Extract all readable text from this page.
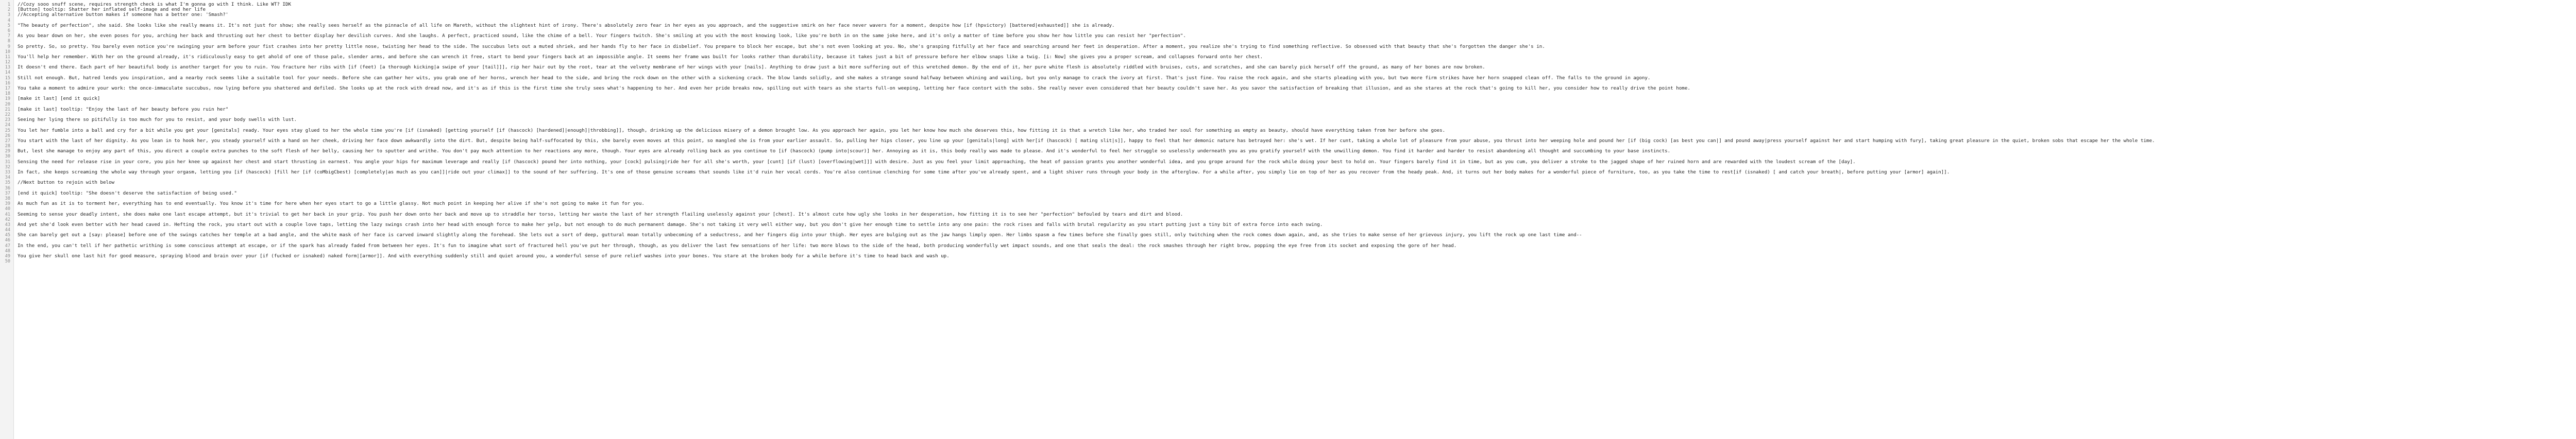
1 //Cozy sooo snuff scene, requires strength check is what I'm gonna go with I think. Like WT? IDK
2 [Button] tooltip: Shatter her inflated self-image and end her life
3 //Accepting alternative button makes if someone has a better one: 'Smash?'
4
5 "The beauty of perfection", she said. She looks like she really means it. It's not just for show; she really sees herself as the pinnacle of all life on Mareth, without the slightest hint of irony. There's absolutely zero fear in her eyes as you approach, and the suggestive smirk on her face never wavers for a moment, despite how [if (hpvictory) [battered|exhausted]] she is already.
6
7 As you bear down on her, she even poses for you, arching her back and thrusting out her chest to better display her devilish curves. And she laughs. A perfect, practiced sound, like the chime of a bell. Your fingers twitch. She's smiling at you with the most knowing look, like you're both in on the same joke here, and it's only a matter of time before you show her how little you can resist her "perfection".
8
9 So pretty. So, so pretty. You barely even notice you're swinging your arm before your fist crashes into her pretty little nose, twisting her head to the side. The succubus lets out a muted shriek, and her hands fly to her face in disbelief. You prepare to block her escape, but she's not even looking at you. No, she's grasping fitfully at her face and searching around her feet in desperation. After a moment, you realize she's trying to find something reflective. So obsessed with that beauty that she's forgotten the danger she's in.
10
11 You'll help her remember. With her on the ground already, it's ridiculously easy to get ahold of one of those pale, slender arms, and before she can wrench it free, start to bend your fingers back at an impossible angle. It seems her frame was built for looks rather than durability, because it takes just a bit of pressure before her elbow snaps like a twig. [i: Now] she gives you a proper scream, and collapses forward onto her chest.
12
13 It doesn't end there. Each part of her beautiful body is another target for you to ruin. You fracture her ribs with [if (feet) [a thorough kicking|a swipe of your [tail]]], rip her hair out by the root, tear at the velvety membrane of her wings with your [nails]. Anything to draw just a bit more suffering out of this wretched demon. By the end of it, her pure white flesh is absolutely riddled with bruises, cuts, and scratches, and she can barely pick herself off the ground, as many of her bones are now broken.
14
15 Still not enough. But, hatred lends you inspiration, and a nearby rock seems like a suitable tool for your needs. Before she can gather her wits, you grab one of her horns, wrench her head to the side, and bring the rock down on the other with a sickening crack. The blow lands solidly, and she makes a strange sound halfway between whining and wailing, but you only manage to crack the ivory at first. That's just fine. You raise the rock again, and she starts pleading with you, but two more firm strikes have her horn snapped clean off. The falls to the ground in agony.
16
17 You take a moment to admire your work: the once-immaculate succubus, now lying before you shattered and defiled. She looks up at the rock with dread now, and it's as if this is the first time she truly sees what's happening to her. And even her pride breaks now, spilling out with tears as she starts full-on weeping, letting her face contort with the sobs. She really never even considered that her beauty couldn't save her. As you savor the satisfaction of breaking that illusion, and as she stares at the rock that's going to kill her, you consider how to really drive the point home.
18
19 [make it last] [end it quick]
20
21 [make it last] tooltip: "Enjoy the last of her beauty before you ruin her"
22
23 Seeing her lying there so pitifully is too much for you to resist, and your body swells with lust.
24
25 You let her fumble into a ball and cry for a bit while you get your [genitals] ready. Your eyes stay glued to her the whole time you're [if (isnaked) [getting yourself [if (hascock) [hardened]|enough]|throbbing]], though, drinking up the delicious misery of a demon brought low. As you approach her again, you let her know how much she deserves this, how fitting it is that a wretch like her, who traded her soul for something as empty as beauty, should have everything taken from her before she goes.
26
27 You start with the last of her dignity. As you lean in to hook her, you steady yourself with a hand on her cheek, driving her face down awkwardly into the dirt. But, despite being half-suffocated by this, she barely even moves at this point, so mangled she is from your earlier assault. So, pulling her hips closer, you line up your [genitals|long] with her[if (hascock) [ mating slit|s]], happy to feel that her demonic nature has betrayed her: she's wet. If her cunt, taking a whole lot of pleasure from your abuse, you thrust into her weeping hole and pound her [if (big cock) [as best you can|] and pound away|press yourself against her and start humping with fury], taking great pleasure in the quiet, broken sobs that escape her the whole time.
28
29 But, lest she manage to enjoy any part of this, you direct a couple extra punches to the soft flesh of her belly, causing her to sputter and writhe. You don't pay much attention to her reactions any more, though. Your eyes are already rolling back as you continue to [if (hascock) (pump into|scour)] her. Annoying as it is, this body really was made to please. And it's wonderful to feel her struggle so uselessly underneath you as you gratify yourself with the unwilling demon. You find it harder and harder to resist abandoning all thought and succumbing to your base instincts.
30
31 Sensing the need for release rise in your core, you pin her knee up against her chest and start thrusting in earnest. You angle your hips for maximum leverage and really [if (hascock) pound her into nothing, your [cock] pulsing|ride her for all she's worth, your [cunt] [if (lust) [overflowing|wet]]] with desire. Just as you feel your limit approaching, the heat of passion grants you another wonderful idea, and you grope around for the rock while doing your best to hold on. Your fingers barely find it in time, but as you cum, you deliver a stroke to the jagged shape of her ruined horn and are rewarded with the loudest scream of the [day].
32
33 In fact, she keeps screaming the whole way through your orgasm, letting you [if (hascock) [fill her [if (coMbigCbest) [completely|as much as you can]]|ride out your climax]] to the sound of her suffering. It's one of those genuine screams that sounds like it'd ruin her vocal cords. You're also continue clenching for some time after you've already spent, and a light shiver runs through your body in the afterglow. For a while after, you simply lie on top of her as you recover from the heady peak. And, it turns out her body makes for a wonderful piece of furniture, too, as you take the time to rest[if (isnaked) [ and catch your breath|, before putting your [armor] again]].
34
35 //Next button to rejoin with below
36
37 [end it quick] tooltip: "She doesn't deserve the satisfaction of being used."
38
39 As much fun as it is to torment her, everything has to end eventually. You know it's time for here when her eyes start to go a little glassy. Not much point in keeping her alive if she's not going to make it fun for you.
40
41 Seeming to sense your deadly intent, she does make one last escape attempt, but it's trivial to get her back in your grip. You push her down onto her back and move up to straddle her torso, letting her waste the last of her strength flailing uselessly against your [chest]. It's almost cute how ugly she looks in her desperation, how fitting it is to see her "perfection" befouled by tears and dirt and blood.
42
43 And yet she'd look even better with her head caved in. Hefting the rock, you start out with a couple love taps, letting the lazy swings crash into her head with enough force to make her yelp, but not enough to do much permanent damage. She's not taking it very well either way, but you don't give her enough time to settle into any one pain: the rock rises and falls with brutal regularity as you start putting just a tiny bit of extra force into each swing.
44
45 She can barely get out a [say: please] before one of the swings catches her temple at a bad angle, and the white mask of her face is carved inward slightly along the forehead. She lets out a sort of deep, guttural moan totally unbecoming of a seductress, and her fingers dig into your thigh. Her eyes are bulging out as the jaw hangs limply open. Her limbs spasm a few times before she finally goes still, only twitching when the rock comes down again, and, as she tries to make sense of her grievous injury, you lift the rock up one last time and--
46
47 In the end, you can't tell if her pathetic writhing is some conscious attempt at escape, or if the spark has already faded from between her eyes. It's fun to imagine what sort of fractured hell you've put her through, though, as you deliver the last few sensations of her life: two more blows to the side of the head, both producing wonderfully wet impact sounds, and one that seals the deal: the rock smashes through her right brow, popping the eye free from its socket and exposing the gore of her head.
48
49 You give her skull one last hit for good measure, spraying blood and brain over your [if (fucked or isnaked) naked form|[armor]]. And with everything suddenly still and quiet around you, a wonderful sense of pure relief washes into your bones. You stare at the broken body for a while before it's time to head back and wash up.
50
